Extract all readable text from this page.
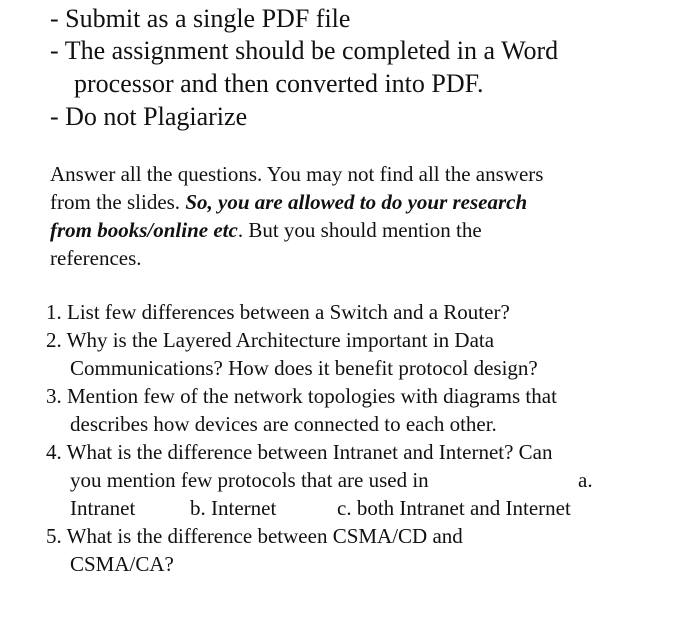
- Submit as a single PDF file
- The assignment should be completed in a Word
processor and then converted into PDF.
- Do not Plagiarize
Answer all the questions. You may not find all the answers
from the slides. So, you are allowed to do your research
from books/online etc. But you should mention the
references.
1. List few differences between a Switch and a Router?
2. Why is the Layered Architecture important in Data
Communications? How does it benefit protocol design?
3. Mention few of the network topologies with diagrams that
describes how devices are connected to each other.
4. What is the difference between Intranet and Internet? Can
you mention few protocols that are used in	a.
Intranet	b. Internet	c. both Intranet and Internet
5. What is the difference between CSMA/CD and
CSMA/CA?
